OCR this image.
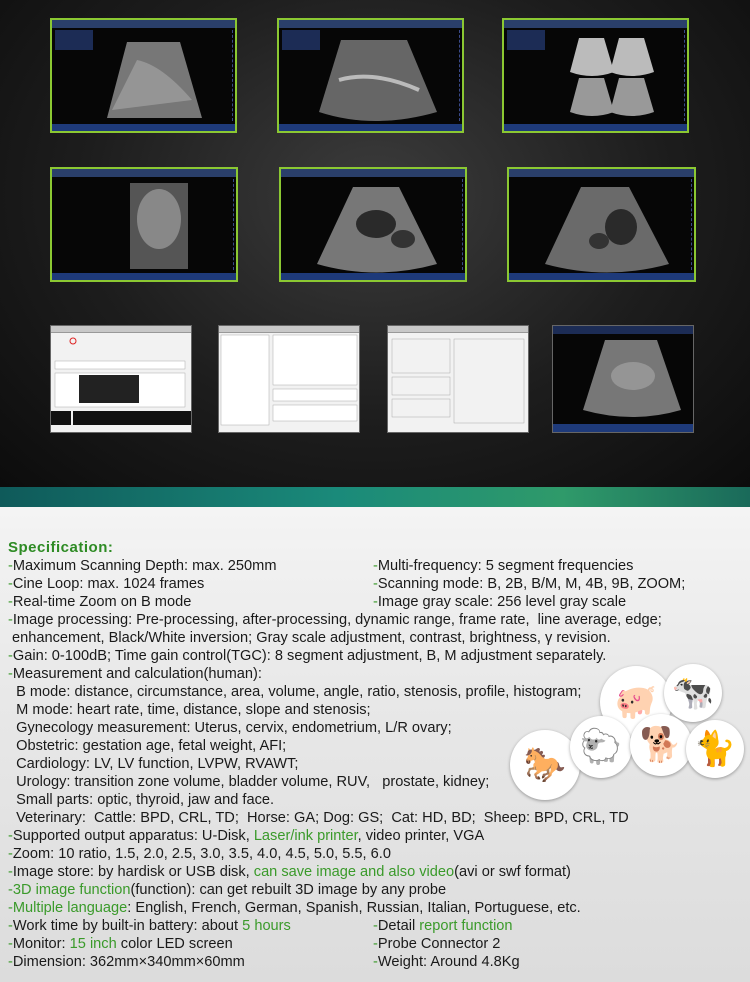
Specification:
-Maximum Scanning Depth: max. 250mm	-Multi-frequency: 5 segment frequencies
-Cine Loop: max. 1024 frames	-Scanning mode: B, 2B, B/M, M, 4B, 9B, ZOOM;
-Real-time Zoom on B mode	-Image gray scale: 256 level gray scale
-Image processing: Pre-processing, after-processing, dynamic range, frame rate,  line average, edge;
enhancement, Black/White inversion; Gray scale adjustment, contrast, brightness, γ revision.
-Gain: 0-100dB; Time gain control(TGC): 8 segment adjustment, B, M adjustment separately.
-Measurement and calculation(human):
B mode: distance, circumstance, area, volume, angle, ratio, stenosis, profile, histogram;
M mode: heart rate, time, distance, slope and stenosis;
Gynecology measurement: Uterus, cervix, endometrium, L/R ovary;
Obstetric: gestation age, fetal weight, AFI;
Cardiology: LV, LV function, LVPW, RVAWT;
Urology: transition zone volume, bladder volume, RUV,   prostate, kidney;
Small parts: optic, thyroid, jaw and face.
Veterinary:  Cattle: BPD, CRL, TD;  Horse: GA; Dog: GS;  Cat: HD, BD;  Sheep: BPD, CRL, TD
-Supported output apparatus: U-Disk, Laser/ink printer, video printer, VGA
-Zoom: 10 ratio, 1.5, 2.0, 2.5, 3.0, 3.5, 4.0, 4.5, 5.0, 5.5, 6.0
-Image store: by hardisk or USB disk, can save image and also video(avi or swf format)
-3D image function(function): can get rebuilt 3D image by any probe
-Multiple language: English, French, German, Spanish, Russian, Italian, Portuguese, etc.
-Work time by built-in battery: about 5 hours	-Detail report function
-Monitor: 15 inch color LED screen	-Probe Connector 2
-Dimension: 362mm×340mm×60mm	-Weight: Around 4.8Kg
🐖 🐄
🐎 🐑 🐕 🐈
